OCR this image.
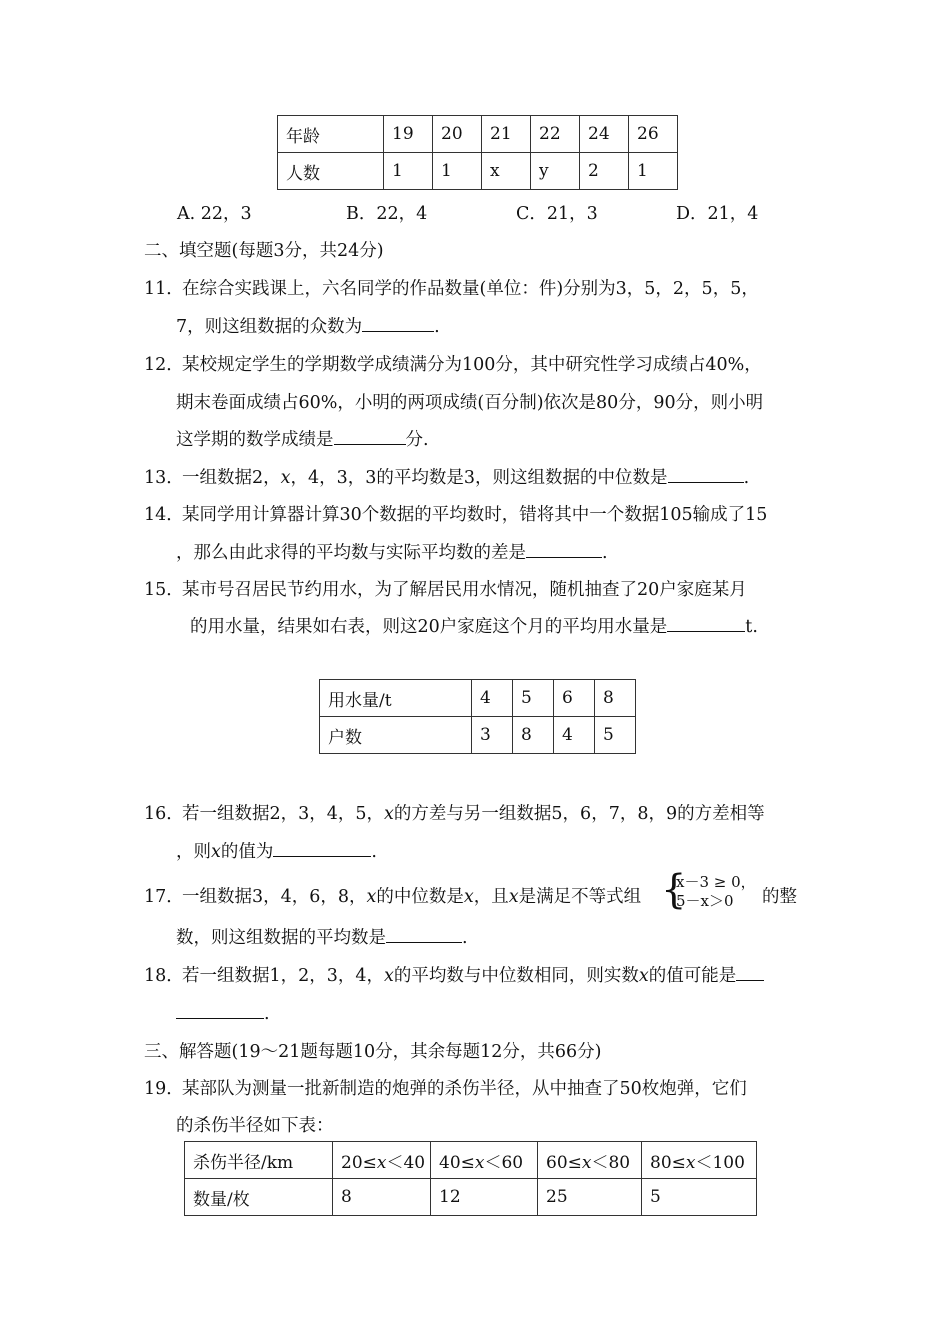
年龄	19	20	21	22	24	26
人数	1	1	x	y	2	1
A. 22，3	B．22，4	C．21，3	D．21，4
二、填空题(每题3分，共24分)
11．
在综合实践课上，六名同学的作品数量(单位：件)分别为3，5，2，5，5，
7，则这组数据的众数为	.
12．
某校规定学生的学期数学成绩满分为100分，其中研究性学习成绩占40%，
期末卷面成绩占60%，小明的两项成绩(百分制)依次是80分，90分，则小明
这学期的数学成绩是	分.
13．
一组数据2，x，4，3，3的平均数是3，则这组数据的中位数是	.
14．
某同学用计算器计算30个数据的平均数时，错将其中一个数据105输成了15
，那么由此求得的平均数与实际平均数的差是	.
15．
某市号召居民节约用水，为了解居民用水情况，随机抽查了20户家庭某月
的用水量，结果如右表，则这20户家庭这个月的平均用水量是	t.
用水量/t	4	5	6	8
户数	3	8	4	5
16．
若一组数据2，3，4，5，x的方差与另一组数据5，6，7，8，9的方差相等
，则x的值为	.
17．
一组数据3，4，6，8，x的中位数是x，且x是满足不等式组 {
x－3 ≥ 0，
5－x＞0 的整
数，则这组数据的平均数是	.
18．
若一组数据1，2，3，4，x的平均数与中位数相同，则实数x的值可能是
.
三、解答题(19～21题每题10分，其余每题12分，共66分)
19．
某部队为测量一批新制造的炮弹的杀伤半径，从中抽查了50枚炮弹，它们
的杀伤半径如下表：
杀伤半径/km	20≤x＜40	40≤x＜60	60≤x＜80	80≤x＜100
数量/枚	8	12	25	5
